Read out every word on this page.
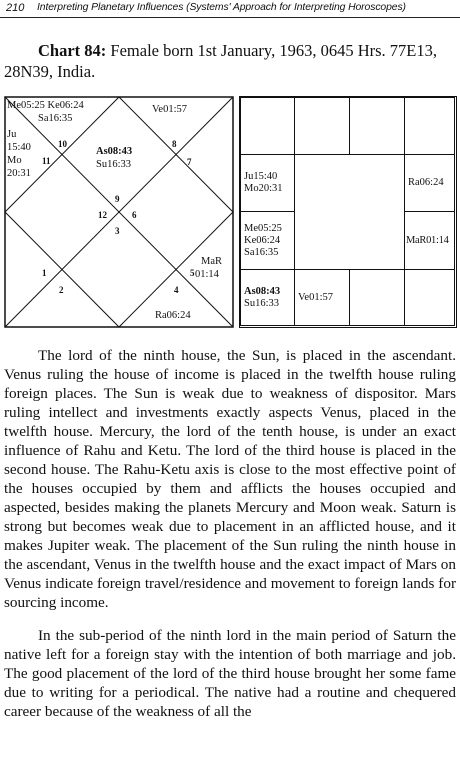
210 Interpreting Planetary Influences (Systems' Approach for Interpreting Horoscopes)
Chart 84: Female born 1st January, 1963, 0645 Hrs. 77E13, 28N39, India.
Me05:25 Ke06:24
Sa16:35
Ju
15:40
Mo
20:31
Ve01:57
As08:43
Su16:33
MaR
01:14
Ra06:24
1
2
3
4
5
6
7
8
9
10
11
12
Ju15:40
Mo20:31
Ra06:24
Me05:25
Ke06:24
Sa16:35
MaR01:14
As08:43
Su16:33
Ve01:57

The lord of the ninth house, the Sun, is placed in the ascendant. Venus ruling the house of income is placed in the twelfth house ruling foreign places. The Sun is weak due to weakness of dispositor. Mars ruling intellect and investments exactly aspects Venus, placed in the twelfth house. Mercury, the lord of the tenth house, is under an exact influence of Rahu and Ketu. The lord of the third house is placed in the second house. The Rahu-Ketu axis is close to the most effective point of the houses occupied by them and afflicts the houses occupied and aspected, besides making the planets Mercury and Moon weak. Saturn is strong but becomes weak due to placement in an afflicted house, and it makes Jupiter weak. The placement of the Sun ruling the ninth house in the ascendant, Venus in the twelfth house and the exact impact of Mars on Venus indicate foreign travel/residence and movement to foreign lands for sourcing income.

In the sub-period of the ninth lord in the main period of Saturn the native left for a foreign stay with the intention of both marriage and job. The good placement of the lord of the third house brought her some fame due to writing for a periodical. The native had a routine and chequered career because of the weakness of all the
